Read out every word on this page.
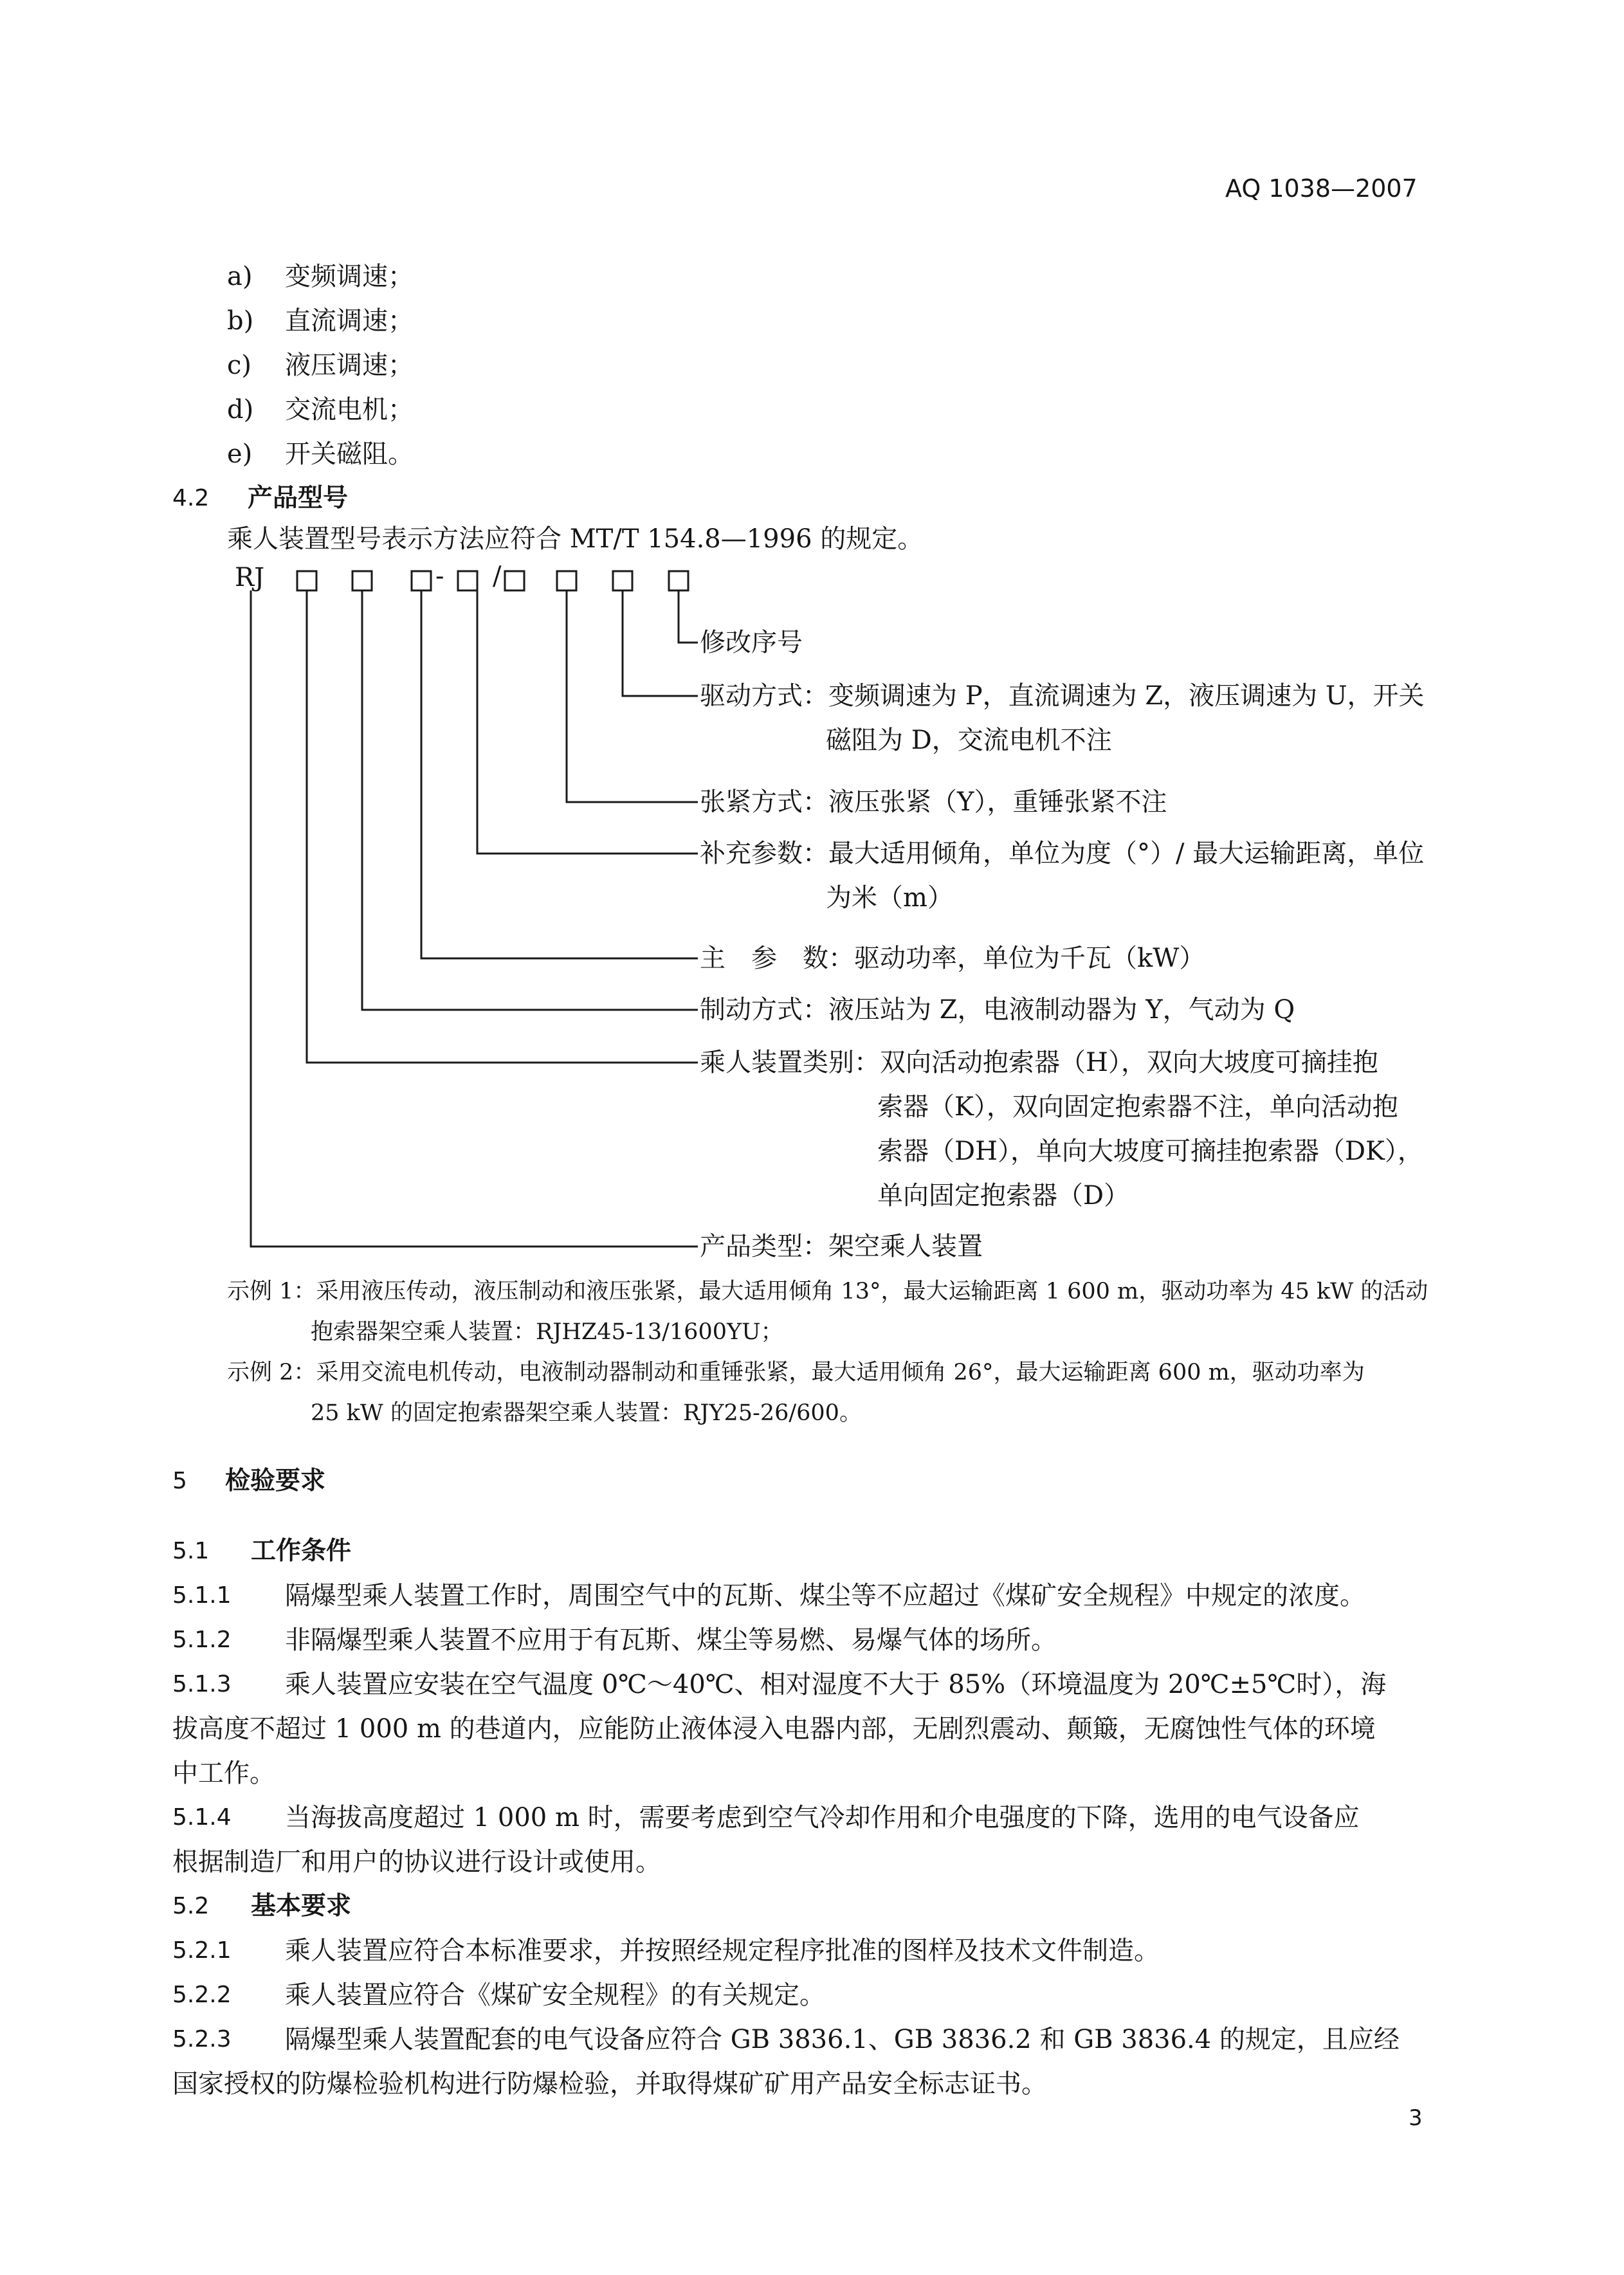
AQ 1038—2007
a) 变频调速；
b) 直流调速；
c) 液压调速；
d) 交流电机；
e) 开关磁阻。
4.2 产品型号
乘人装置型号表示方法应符合 MT/T 154.8—1996 的规定。
RJ	- /
修改序号
驱动方式：变频调速为 P，直流调速为 Z，液压调速为 U，开关
磁阻为 D，交流电机不注
张紧方式：液压张紧（Y），重锤张紧不注
补充参数：最大适用倾角，单位为度（°）/ 最大运输距离，单位
为米（m）
主　参　数：驱动功率，单位为千瓦（kW）
制动方式：液压站为 Z，电液制动器为 Y，气动为 Q
乘人装置类别：双向活动抱索器（H），双向大坡度可摘挂抱
索器（K），双向固定抱索器不注，单向活动抱
索器（DH），单向大坡度可摘挂抱索器（DK），
单向固定抱索器（D）
产品类型：架空乘人装置
示例 1：采用液压传动，液压制动和液压张紧，最大适用倾角 13°，最大运输距离 1 600 m，驱动功率为 45 kW 的活动
抱索器架空乘人装置：RJHZ45-13/1600YU；
示例 2：采用交流电机传动，电液制动器制动和重锤张紧，最大适用倾角 26°，最大运输距离 600 m，驱动功率为
25 kW 的固定抱索器架空乘人装置：RJY25-26/600。
5 检验要求
5.1 工作条件
5.1.1 隔爆型乘人装置工作时，周围空气中的瓦斯、煤尘等不应超过《煤矿安全规程》中规定的浓度。
5.1.2 非隔爆型乘人装置不应用于有瓦斯、煤尘等易燃、易爆气体的场所。
5.1.3 乘人装置应安装在空气温度 0℃～40℃、相对湿度不大于 85%（环境温度为 20℃±5℃时），海
拔高度不超过 1 000 m 的巷道内，应能防止液体浸入电器内部，无剧烈震动、颠簸，无腐蚀性气体的环境
中工作。
5.1.4 当海拔高度超过 1 000 m 时，需要考虑到空气冷却作用和介电强度的下降，选用的电气设备应
根据制造厂和用户的协议进行设计或使用。
5.2 基本要求
5.2.1 乘人装置应符合本标准要求，并按照经规定程序批准的图样及技术文件制造。
5.2.2 乘人装置应符合《煤矿安全规程》的有关规定。
5.2.3 隔爆型乘人装置配套的电气设备应符合 GB 3836.1、GB 3836.2 和 GB 3836.4 的规定，且应经
国家授权的防爆检验机构进行防爆检验，并取得煤矿矿用产品安全标志证书。
3
